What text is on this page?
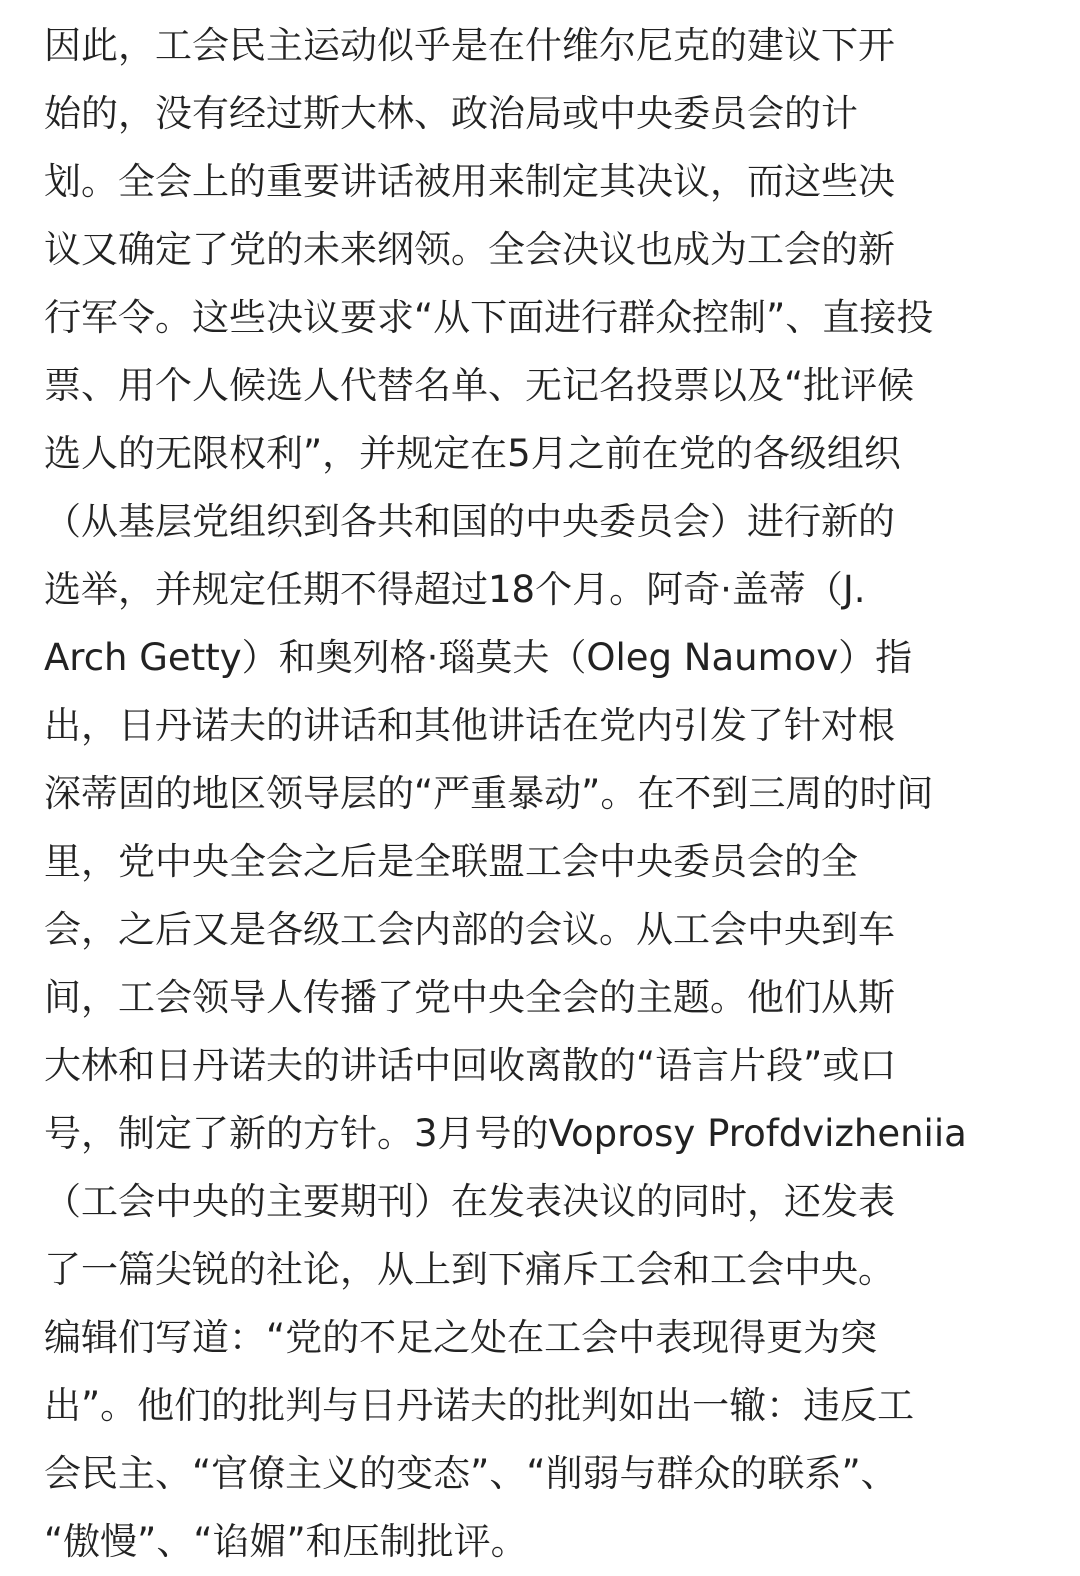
因此，工会民主运动似乎是在什维尔尼克的建议下开
始的，没有经过斯大林、政治局或中央委员会的计
划。全会上的重要讲话被用来制定其决议，而这些决
议又确定了党的未来纲领。全会决议也成为工会的新
行军令。这些决议要求“从下面进行群众控制”、直接投
票、用个人候选人代替名单、无记名投票以及“批评候
选人的无限权利”，并规定在5月之前在党的各级组织
（从基层党组织到各共和国的中央委员会）进行新的
选举，并规定任期不得超过18个月。阿奇·盖蒂（J.
Arch Getty）和奥列格·瑙莫夫（Oleg Naumov）指
出，日丹诺夫的讲话和其他讲话在党内引发了针对根
深蒂固的地区领导层的“严重暴动”。在不到三周的时间
里，党中央全会之后是全联盟工会中央委员会的全
会，之后又是各级工会内部的会议。从工会中央到车
间，工会领导人传播了党中央全会的主题。他们从斯
大林和日丹诺夫的讲话中回收离散的“语言片段”或口
号，制定了新的方针。3月号的Voprosy Profdvizheniia
（工会中央的主要期刊）在发表决议的同时，还发表
了一篇尖锐的社论，从上到下痛斥工会和工会中央。
编辑们写道：“党的不足之处在工会中表现得更为突
出”。他们的批判与日丹诺夫的批判如出一辙：违反工
会民主、“官僚主义的变态”、“削弱与群众的联系”、
“傲慢”、“谄媚”和压制批评。
